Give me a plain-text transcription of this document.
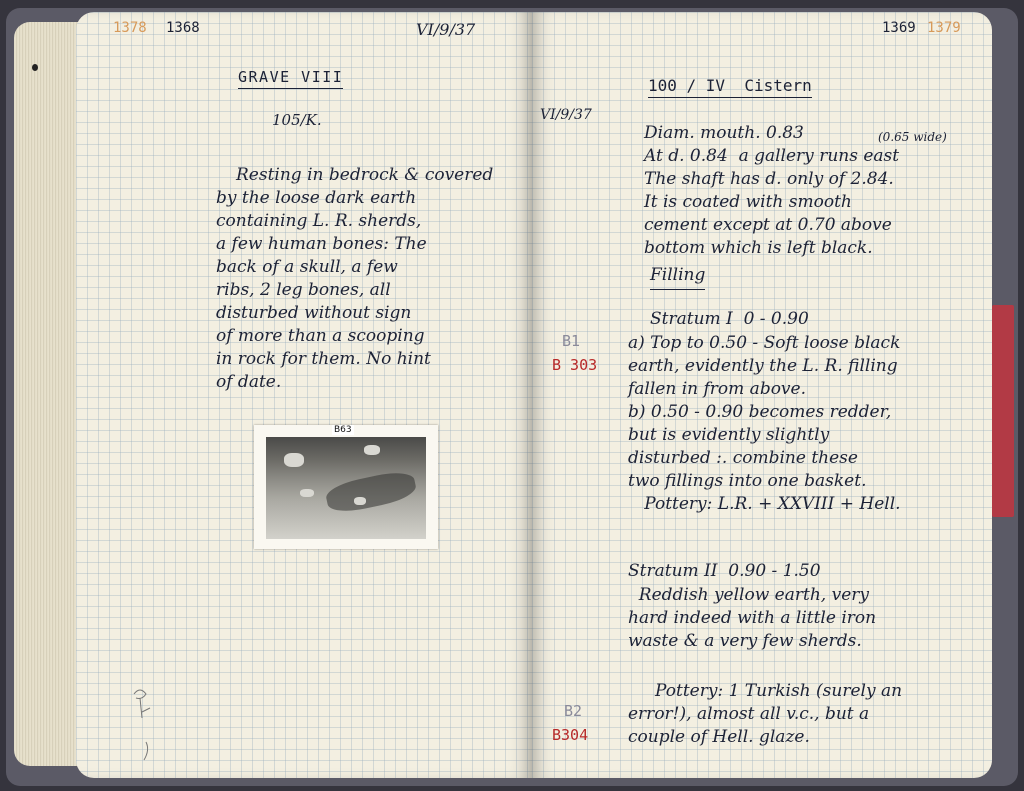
1378 1368	VI/9/37
GRAVE VIII
105/K.
Resting in bedrock & covered
by the loose dark earth
containing L. R. sherds,
a few human bones: The
back of a skull, a few
ribs, 2 leg bones, all
disturbed without sign
of more than a scooping
in rock for them. No hint
of date.
B63
VI/9/37
1369 1379
100 / IV  Cistern
(0.65 wide)
Diam. mouth. 0.83
At d. 0.84  a gallery runs east
The shaft has d. only of 2.84.
It is coated with smooth
cement except at 0.70 above
bottom which is left black.
Filling
Stratum I  0 - 0.90
B1
B 303
a) Top to 0.50 - Soft loose black
earth, evidently the L. R. filling
fallen in from above.
b) 0.50 - 0.90 becomes redder,
but is evidently slightly
disturbed :. combine these
two fillings into one basket.
Pottery: L.R. + XXVIII + Hell.
Stratum II  0.90 - 1.50
Reddish yellow earth, very
hard indeed with a little iron
waste & a very few sherds.
B2
B304
Pottery: 1 Turkish (surely an
error!), almost all v.c., but a
couple of Hell. glaze.
